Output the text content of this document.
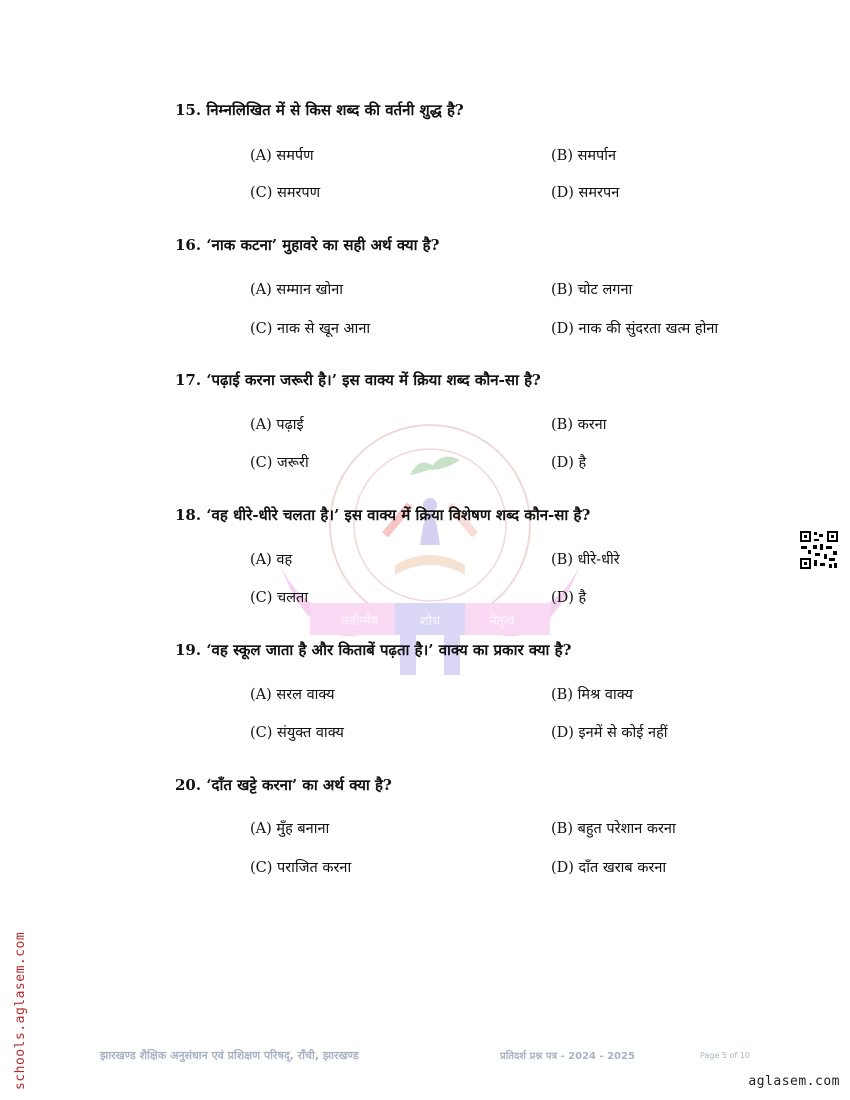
नवोन्मेष	शोध	नेतृत्व
15. निम्नलिखित में से किस शब्द की वर्तनी शुद्ध है?
(A) समर्पण	(B) समर्पान
(C) समरपण	(D) समरपन
16. ‘नाक कटना’ मुहावरे का सही अर्थ क्या है?
(A) सम्मान खोना	(B) चोट लगना
(C) नाक से खून आना	(D) नाक की सुंदरता खत्म होना
17. ‘पढ़ाई करना जरूरी है।’ इस वाक्य में क्रिया शब्द कौन-सा है?
(A) पढ़ाई	(B) करना
(C) जरूरी	(D) है
18. ‘वह धीरे-धीरे चलता है।’ इस वाक्य में क्रिया विशेषण शब्द कौन-सा है?
(A) वह	(B) धीरे-धीरे
(C) चलता	(D) है
19. ‘वह स्कूल जाता है और किताबें पढ़ता है।’ वाक्य का प्रकार क्या है?
(A) सरल वाक्य	(B) मिश्र वाक्य
(C) संयुक्त वाक्य	(D) इनमें से कोई नहीं
20. ‘दाँत खट्टे करना’ का अर्थ क्या है?
(A) मुँह बनाना	(B) बहुत परेशान करना
(C) पराजित करना	(D) दाँत खराब करना
schools.aglasem.com	झारखण्ड शैक्षिक अनुसंधान एवं प्रशिक्षण परिषद्, राँची, झारखण्ड	प्रतिदर्श प्रश्न पत्र - 2024 - 2025	Page 5 of 10
aglasem.com
